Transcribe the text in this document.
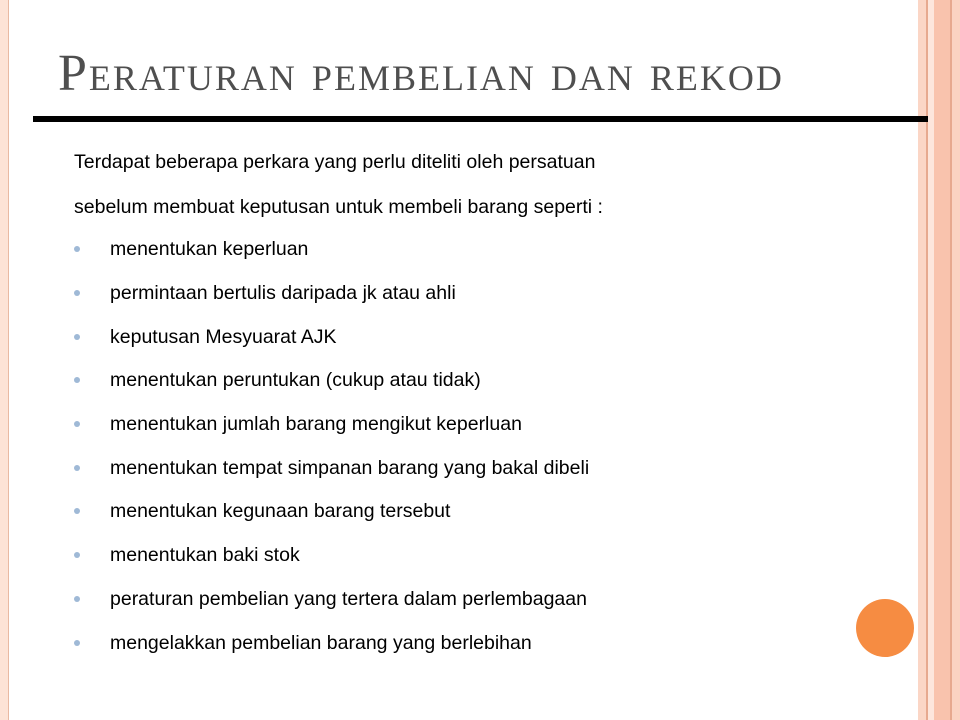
Peraturan pembelian dan rekod
Terdapat beberapa perkara yang perlu diteliti oleh persatuan
sebelum membuat keputusan untuk membeli barang seperti :
menentukan keperluan
permintaan bertulis daripada jk atau ahli
keputusan Mesyuarat AJK
menentukan peruntukan (cukup atau tidak)
menentukan jumlah barang mengikut keperluan
menentukan tempat simpanan barang yang bakal dibeli
menentukan kegunaan barang tersebut
menentukan baki stok
peraturan pembelian yang tertera dalam perlembagaan
mengelakkan pembelian barang yang berlebihan
